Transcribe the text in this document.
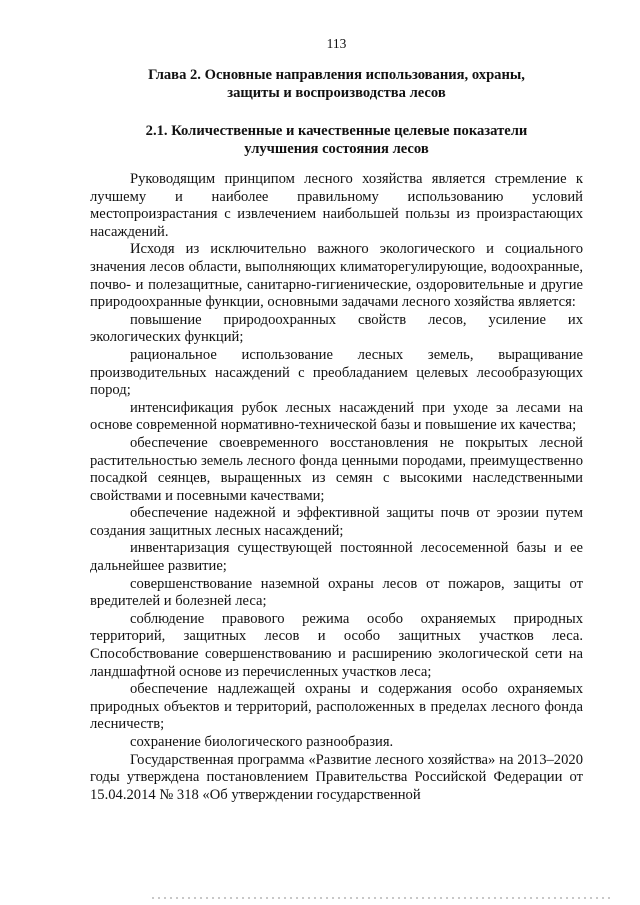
113
Глава 2. Основные направления использования, охраны,
защиты и воспроизводства лесов
2.1. Количественные и качественные целевые показатели
улучшения состояния лесов

Руководящим принципом лесного хозяйства является стремление к лучшему и наиболее правильному использованию условий местопроизрастания с извлечением наибольшей пользы из произрастающих насаждений.

Исходя из исключительно важного экологического и социального значения лесов области, выполняющих климаторегулирующие, водоохранные, почво- и полезащитные, санитарно-гигиенические, оздоровительные и другие природоохранные функции, основными задачами лесного хозяйства является:

повышение природоохранных свойств лесов, усиление их экологических функций;

рациональное использование лесных земель, выращивание производительных насаждений с преобладанием целевых лесообразующих пород;

интенсификация рубок лесных насаждений при уходе за лесами на основе современной нормативно-технической базы и повышение их качества;

обеспечение своевременного восстановления не покрытых лесной растительностью земель лесного фонда ценными породами, преимущественно посадкой сеянцев, выращенных из семян с высокими наследственными свойствами и посевными качествами;

обеспечение надежной и эффективной защиты почв от эрозии путем создания защитных лесных насаждений;

инвентаризация существующей постоянной лесосеменной базы и ее дальнейшее развитие;

совершенствование наземной охраны лесов от пожаров, защиты от вредителей и болезней леса;

соблюдение правового режима особо охраняемых природных территорий, защитных лесов и особо защитных участков леса. Способствование совершенствованию и расширению экологической сети на ландшафтной основе из перечисленных участков леса;

обеспечение надлежащей охраны и содержания особо охраняемых природных объектов и территорий, расположенных в пределах лесного фонда лесничеств;

сохранение биологического разнообразия.

Государственная программа «Развитие лесного хозяйства» на 2013–2020 годы утверждена постановлением Правительства Российской Федерации от 15.04.2014 № 318 «Об утверждении государственной
